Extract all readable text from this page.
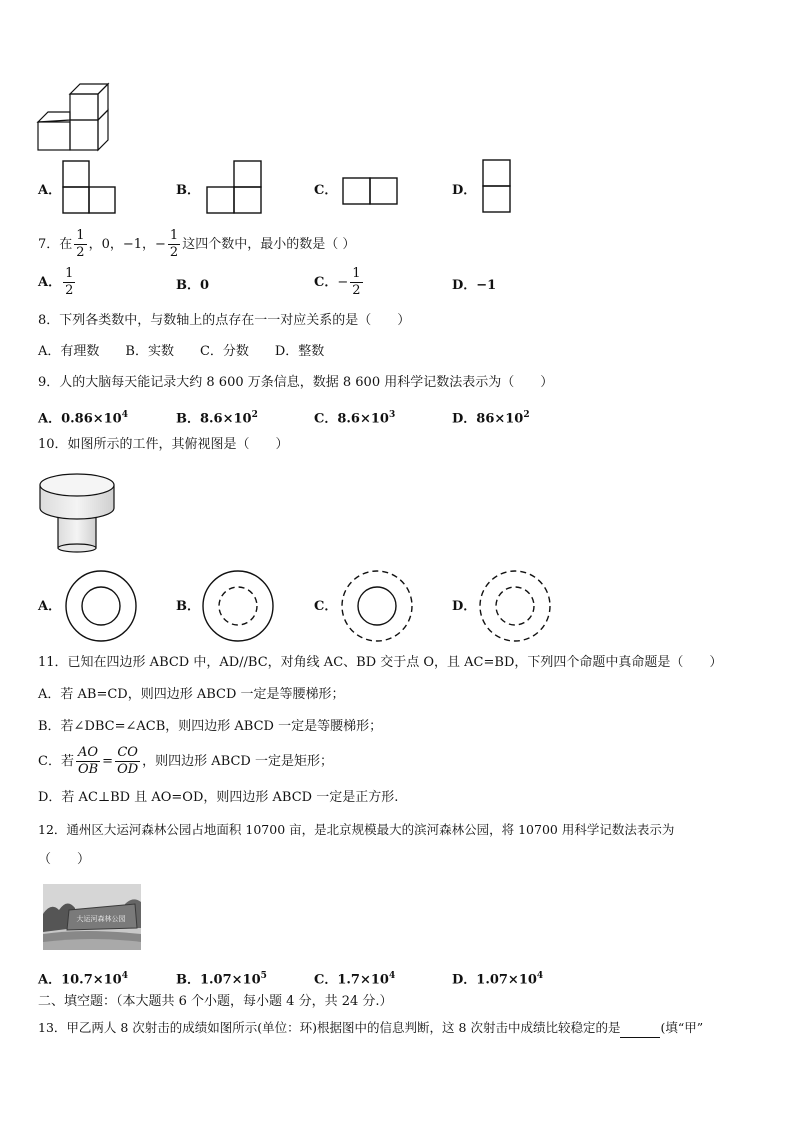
A．	B．	C．	D．
7．在 $\frac{1}{2}$ ，0，−1，− $\frac{1}{2}$ 这四个数中，最小的数是（ ）
A． $\frac{1}{2}$	B．0	C．− $\frac{1}{2}$	D．−1
8．下列各类数中，与数轴上的点存在一一对应关系的是（　　）
A．有理数　　B．实数　　C．分数　　D．整数
9．人的大脑每天能记录大约 8 600 万条信息，数据 8 600 用科学记数法表示为（　　）
A．$0.86\times 10^4$	B．$8.6\times 10^2$	C．$8.6\times 10^3$	D．$86\times 10^2$
10．如图所示的工件，其俯视图是（　　）
A．	B．	C．	D．
11．已知在四边形 ABCD 中，AD//BC，对角线 AC、BD 交于点 O，且 AC=BD，下列四个命题中真命题是（　　）
A．若 AB=CD，则四边形 ABCD 一定是等腰梯形；
B．若∠DBC=∠ACB，则四边形 ABCD 一定是等腰梯形；
C．若 $\frac{AO}{OB} = \frac{CO}{OD}$ ，则四边形 ABCD 一定是矩形；
D．若 AC⊥BD 且 AO=OD，则四边形 ABCD 一定是正方形.
12．通州区大运河森林公园占地面积 10700 亩，是北京规模最大的滨河森林公园，将 10700 用科学记数法表示为
（　　）
大运河森林公园
A．$10.7\times 10^4$	B．$1.07\times 10^5$	C．$1.7\times 10^4$	D．$1.07\times 10^4$
二、填空题：（本大题共 6 个小题，每小题 4 分，共 24 分.）
13．甲乙两人 8 次射击的成绩如图所示(单位：环)根据图中的信息判断，这 8 次射击中成绩比较稳定的是	(填“甲”
